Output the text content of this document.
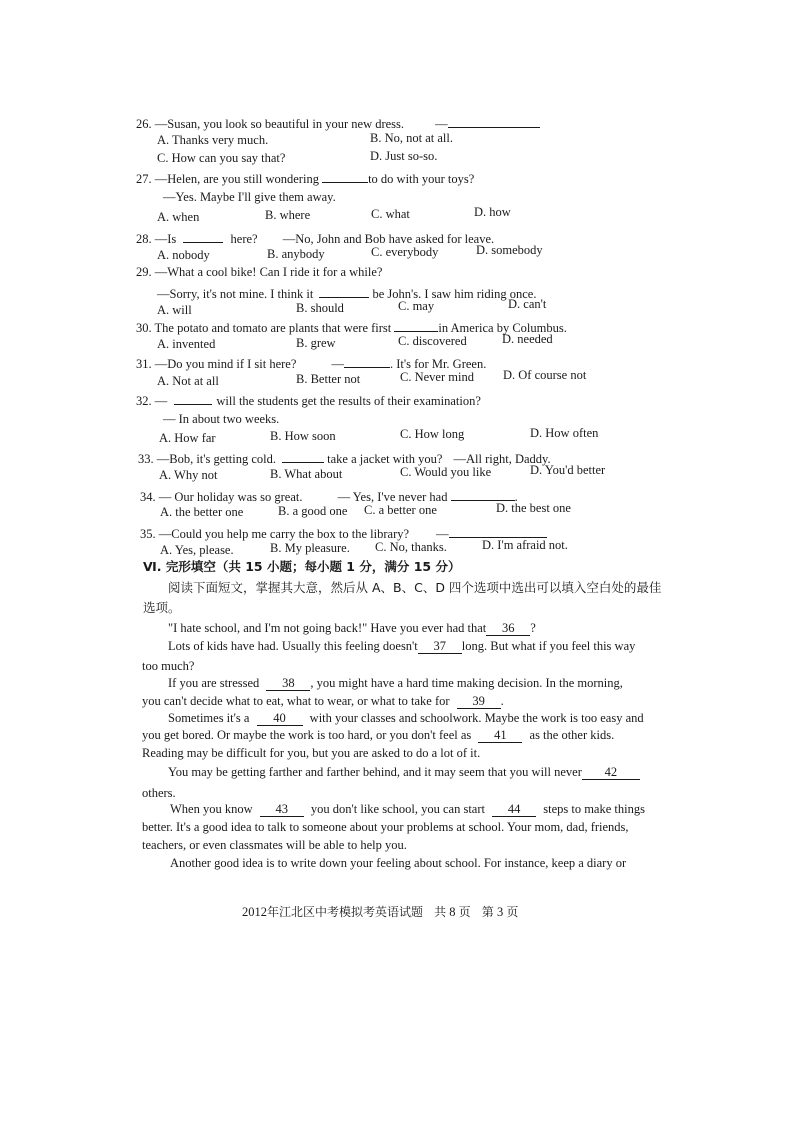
26. —Susan, you look so beautiful in your new dress. —
A. Thanks very much.	B. No, not at all.
C. How can you say that?	D. Just so-so.
27. —Helen, are you still wondering	to do with your toys?
—Yes. Maybe I'll give them away.
A. when	B. where	C. what	D. how
28. —Is	here? —No, John and Bob have asked for leave.
A. nobody	B. anybody	C. everybody	D. somebody
29. —What a cool bike! Can I ride it for a while?
—Sorry, it's not mine. I think it	be John's. I saw him riding once.
A. will	B. should	C. may	D. can't
30. The potato and tomato are plants that were first	in America by Columbus.
A. invented	B. grew	C. discovered	D. needed
31. —Do you mind if I sit here?	—	. It's for Mr. Green.
A. Not at all	B. Better not	C. Never mind D. Of course not
32. —	will the students get the results of their examination?
— In about two weeks.
A. How far	B. How soon	C. How long	D. How often
33. —Bob, it's getting cold.	take a jacket with you? —All right, Daddy.
A. Why not	B. What about	C. Would you like	D. You'd better
34. — Our holiday was so great.	— Yes, I've never had	.
A. the better one	B. a good one C. a better one	D. the best one
35. —Could you help me carry the box to the library? —
A. Yes, please.	B. My pleasure. C. No, thanks.	D. I'm afraid not.
Ⅵ. 完形填空（共 15 小题；每小题 1 分，满分 15 分）
阅读下面短文，掌握其大意，然后从 A、B、C、D 四个选项中选出可以填入空白处的最佳
选项。
"I hate school, and I'm not going back!" Have you ever had that 36 ?
Lots of kids have had. Usually this feeling doesn't 37 long. But what if you feel this way
too much?
If you are stressed 38 , you might have a hard time making decision. In the morning,
you can't decide what to eat, what to wear, or what to take for 39 .
Sometimes it's a 40 with your classes and schoolwork. Maybe the work is too easy and
you get bored. Or maybe the work is too hard, or you don't feel as 41 as the other kids.
Reading may be difficult for you, but you are asked to do a lot of it.
You may be getting farther and farther behind, and it may seem that you will never 42
others.
When you know 43 you don't like school, you can start 44 steps to make things
better. It's a good idea to talk to someone about your problems at school. Your mom, dad, friends,
teachers, or even classmates will be able to help you.
Another good idea is to write down your feeling about school. For instance, keep a diary or
2012年江北区中考模拟考英语试题 共 8 页 第 3 页
